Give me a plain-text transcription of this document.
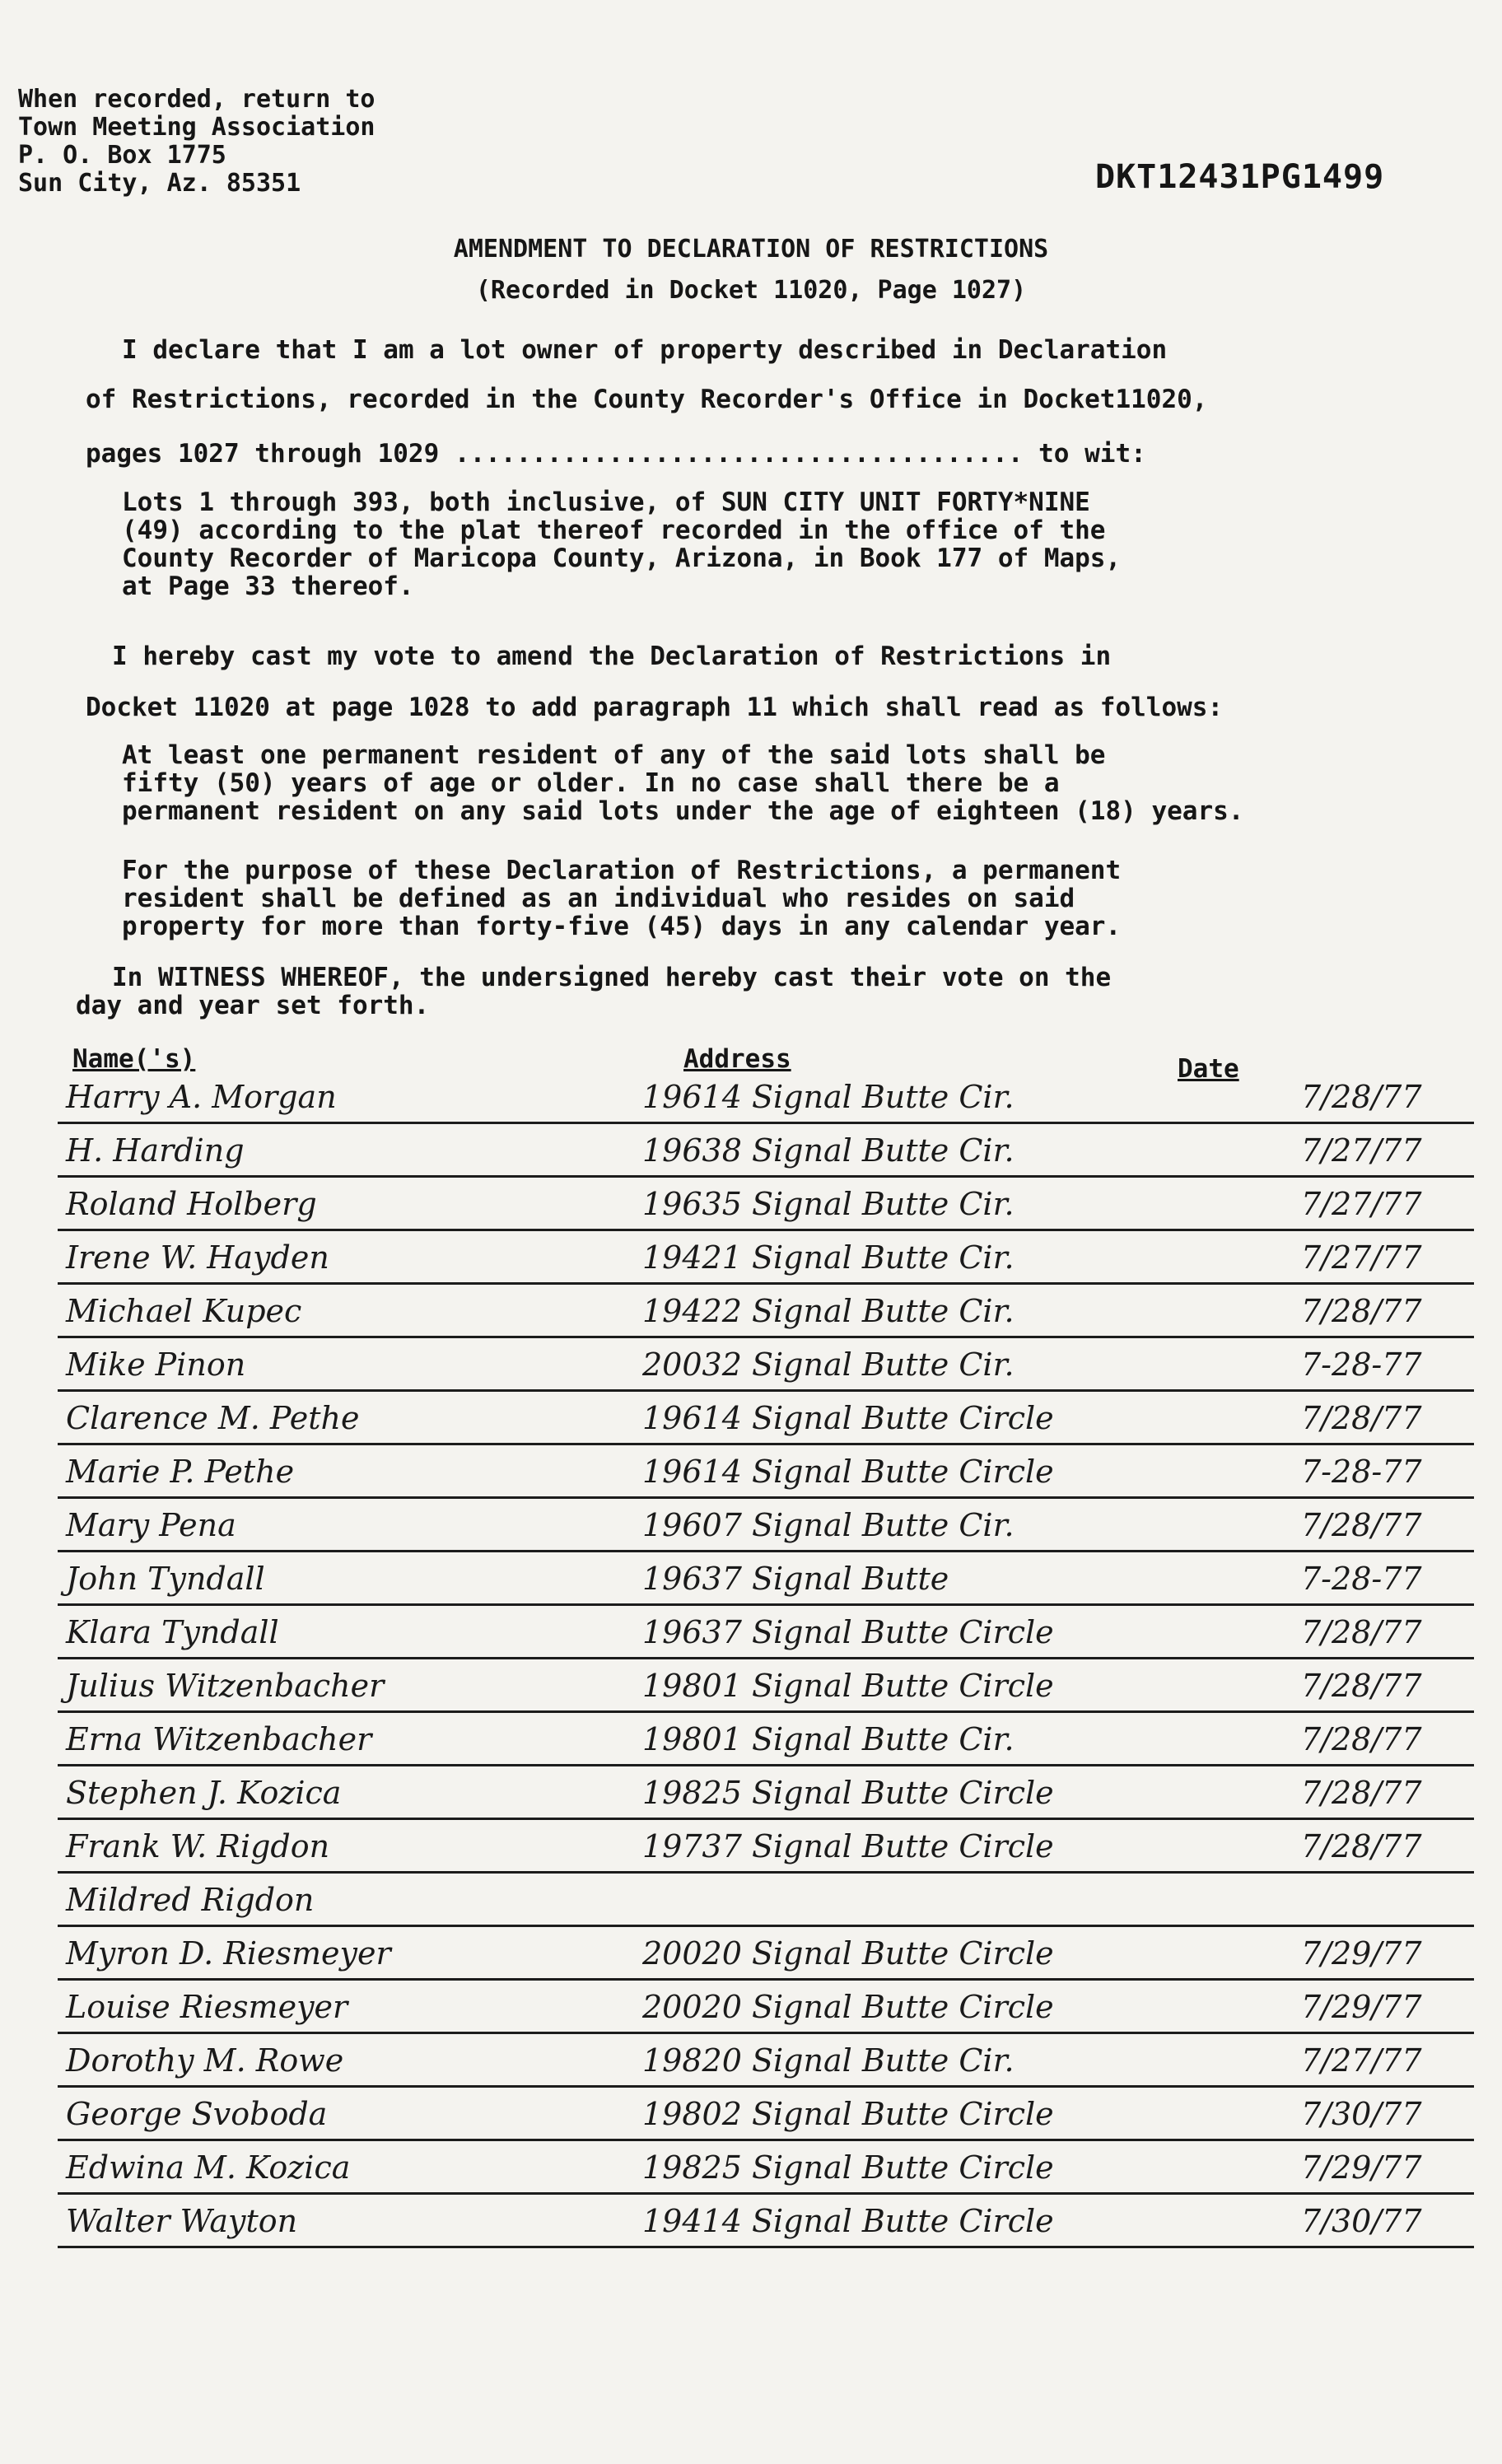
When recorded, return to
Town Meeting Association
P. O. Box 1775
Sun City, Az. 85351	DKT12431PG1499
AMENDMENT TO DECLARATION OF RESTRICTIONS
(Recorded in Docket 11020, Page 1027)
I declare that I am a lot owner of property described in Declaration
of Restrictions, recorded in the County Recorder's Office in Docket11020,
pages 1027 through 1029 ..................................... to wit:
Lots 1 through 393, both inclusive, of SUN CITY UNIT FORTY*NINE
(49) according to the plat thereof recorded in the office of the
County Recorder of Maricopa County, Arizona, in Book 177 of Maps,
at Page 33 thereof.
I hereby cast my vote to amend the Declaration of Restrictions in
Docket 11020 at page 1028 to add paragraph 11 which shall read as follows:
At least one permanent resident of any of the said lots shall be
fifty (50) years of age or older. In no case shall there be a
permanent resident on any said lots under the age of eighteen (18) years.
For the purpose of these Declaration of Restrictions, a permanent
resident shall be defined as an individual who resides on said
property for more than forty-five (45) days in any calendar year.
In WITNESS WHEREOF, the undersigned hereby cast their vote on the
day and year set forth.
Name('s)	Address	Date
Harry A. Morgan	19614 Signal Butte Cir.	7/28/77
H. Harding	19638 Signal Butte Cir.	7/27/77
Roland Holberg	19635 Signal Butte Cir.	7/27/77
Irene W. Hayden	19421 Signal Butte Cir.	7/27/77
Michael Kupec	19422 Signal Butte Cir.	7/28/77
Mike Pinon	20032 Signal Butte Cir.	7-28-77
Clarence M. Pethe	19614 Signal Butte Circle	7/28/77
Marie P. Pethe	19614 Signal Butte Circle	7-28-77
Mary Pena	19607 Signal Butte Cir.	7/28/77
John Tyndall	19637 Signal Butte	7-28-77
Klara Tyndall	19637 Signal Butte Circle	7/28/77
Julius Witzenbacher	19801 Signal Butte Circle	7/28/77
Erna Witzenbacher	19801 Signal Butte Cir.	7/28/77
Stephen J. Kozica	19825 Signal Butte Circle	7/28/77
Frank W. Rigdon	19737 Signal Butte Circle	7/28/77
Mildred Rigdon
Myron D. Riesmeyer	20020 Signal Butte Circle	7/29/77
Louise Riesmeyer	20020 Signal Butte Circle	7/29/77
Dorothy M. Rowe	19820 Signal Butte Cir.	7/27/77
George Svoboda	19802 Signal Butte Circle	7/30/77
Edwina M. Kozica	19825 Signal Butte Circle	7/29/77
Walter Wayton	19414 Signal Butte Circle	7/30/77
